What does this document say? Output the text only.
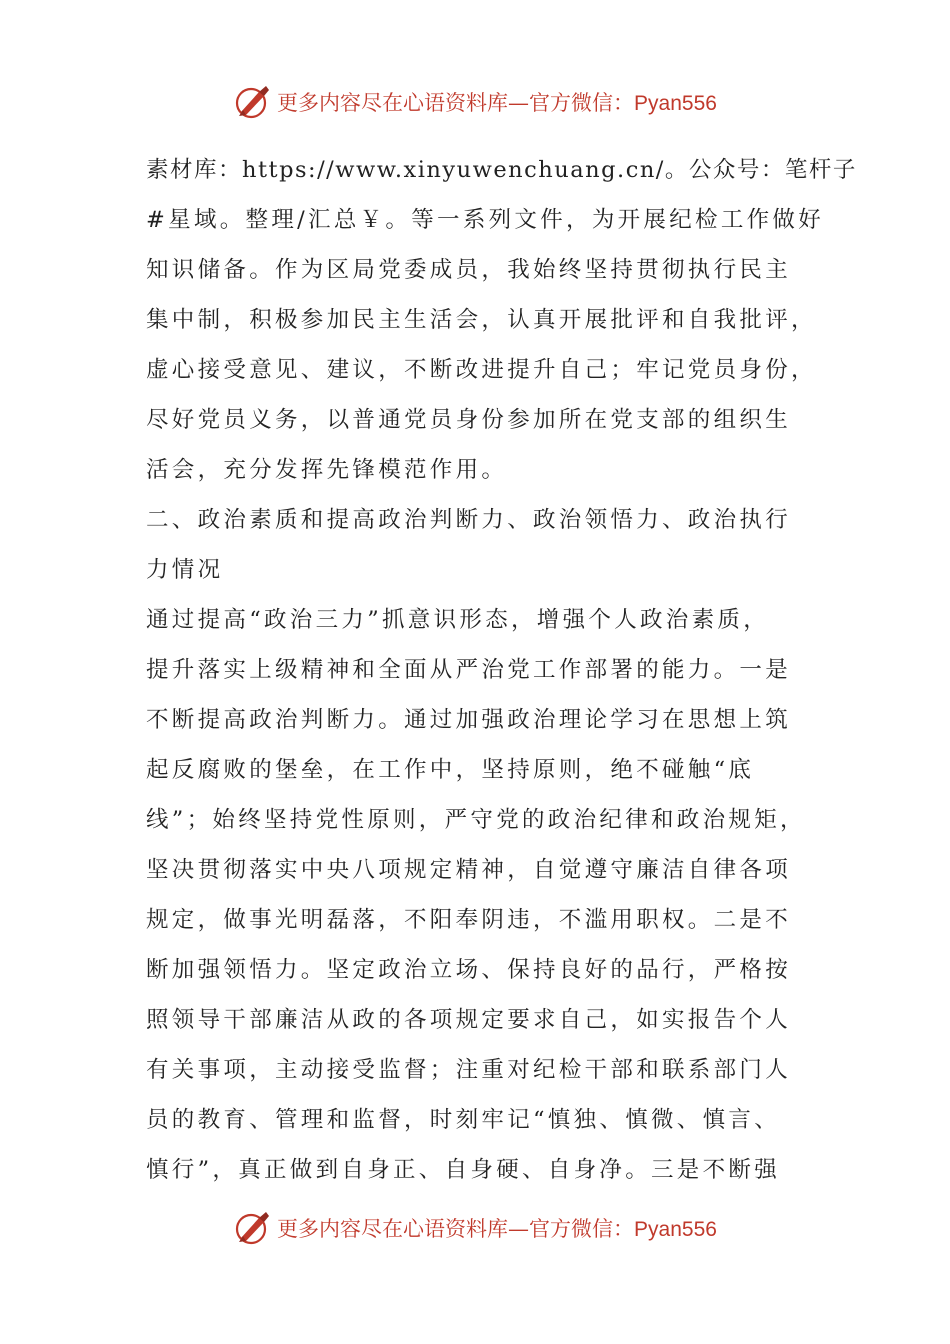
更多内容尽在心语资料库—官方微信：Pyan556
素材库：https://www.xinyuwenchuang.cn/。公众号：笔杆子
#星域。整理/汇总￥。等一系列文件，为开展纪检工作做好
知识储备。作为区局党委成员，我始终坚持贯彻执行民主
集中制，积极参加民主生活会，认真开展批评和自我批评，
虚心接受意见、建议，不断改进提升自己；牢记党员身份，
尽好党员义务，以普通党员身份参加所在党支部的组织生
活会，充分发挥先锋模范作用。
二、政治素质和提高政治判断力、政治领悟力、政治执行
力情况
通过提高“政治三力”抓意识形态，增强个人政治素质，
提升落实上级精神和全面从严治党工作部署的能力。一是
不断提高政治判断力。通过加强政治理论学习在思想上筑
起反腐败的堡垒，在工作中，坚持原则，绝不碰触“底
线”；始终坚持党性原则，严守党的政治纪律和政治规矩，
坚决贯彻落实中央八项规定精神，自觉遵守廉洁自律各项
规定，做事光明磊落，不阳奉阴违，不滥用职权。二是不
断加强领悟力。坚定政治立场、保持良好的品行，严格按
照领导干部廉洁从政的各项规定要求自己，如实报告个人
有关事项，主动接受监督；注重对纪检干部和联系部门人
员的教育、管理和监督，时刻牢记“慎独、慎微、慎言、
慎行”，真正做到自身正、自身硬、自身净。三是不断强
更多内容尽在心语资料库—官方微信：Pyan556
